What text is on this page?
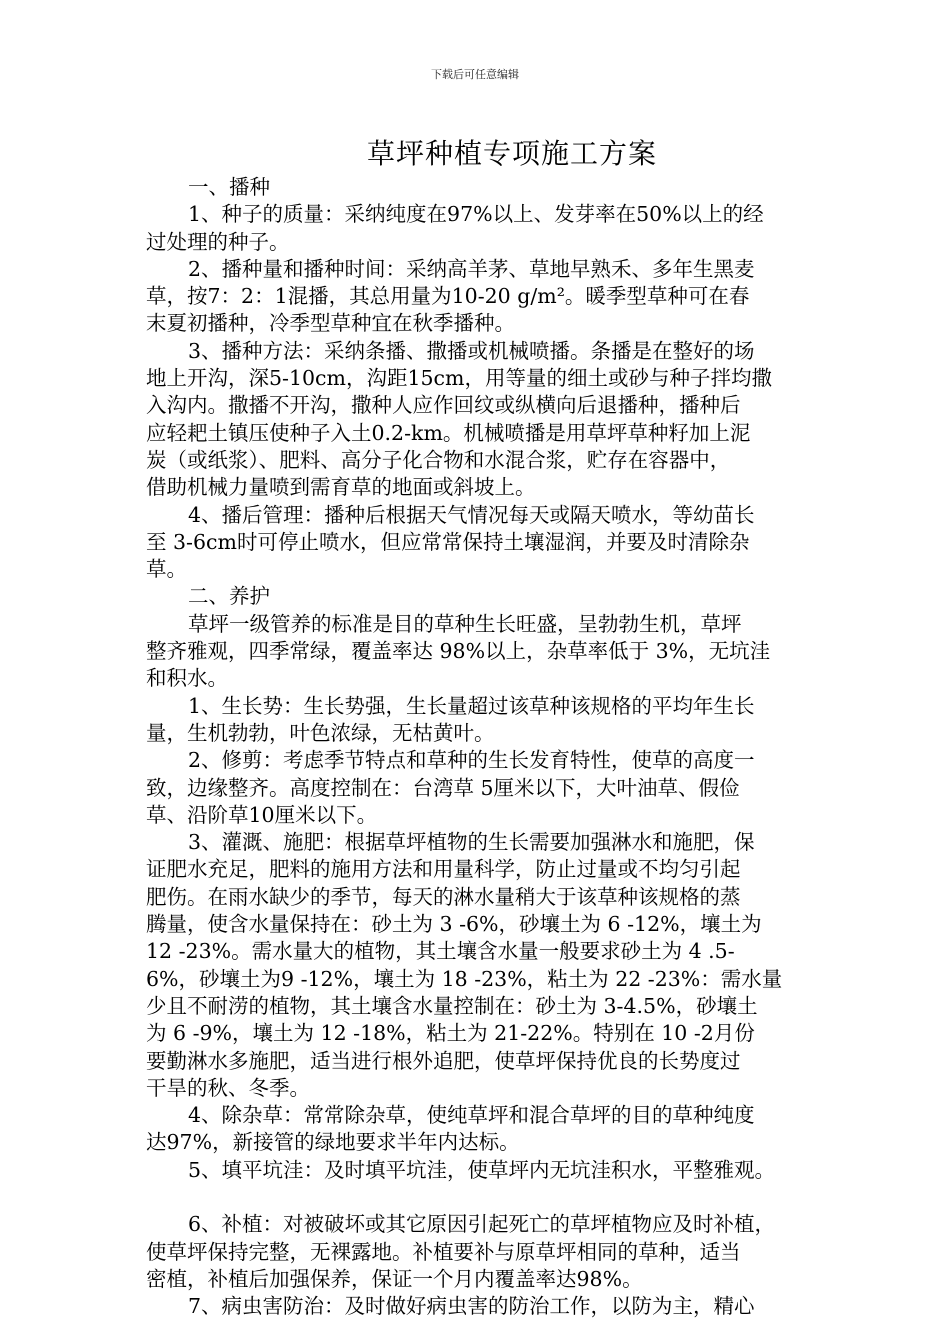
下载后可任意编辑
草坪种植专项施工方案
一、播种
1、种子的质量：采纳纯度在97%以上、发芽率在50%以上的经
过处理的种子。
2、播种量和播种时间：采纳高羊茅、草地早熟禾、多年生黑麦
草，按7：2：1混播，其总用量为10-20 g/m²。暖季型草种可在春
末夏初播种，冷季型草种宜在秋季播种。
3、播种方法：采纳条播、撒播或机械喷播。条播是在整好的场
地上开沟，深5-10cm，沟距15cm，用等量的细土或砂与种子拌均撒
入沟内。撒播不开沟，撒种人应作回纹或纵横向后退播种，播种后
应轻耙土镇压使种子入土0.2-km。机械喷播是用草坪草种籽加上泥
炭（或纸浆）、肥料、高分子化合物和水混合浆，贮存在容器中，
借助机械力量喷到需育草的地面或斜坡上。
4、播后管理：播种后根据天气情况每天或隔天喷水，等幼苗长
至 3-6cm时可停止喷水，但应常常保持土壤湿润，并要及时清除杂
草。
二、养护
草坪一级管养的标准是目的草种生长旺盛，呈勃勃生机，草坪
整齐雅观，四季常绿，覆盖率达 98%以上，杂草率低于 3%，无坑洼
和积水。
1、生长势：生长势强，生长量超过该草种该规格的平均年生长
量，生机勃勃，叶色浓绿，无枯黄叶。
2、修剪：考虑季节特点和草种的生长发育特性，使草的高度一
致，边缘整齐。高度控制在：台湾草 5厘米以下，大叶油草、假俭
草、沿阶草10厘米以下。
3、灌溉、施肥：根据草坪植物的生长需要加强淋水和施肥，保
证肥水充足，肥料的施用方法和用量科学，防止过量或不均匀引起
肥伤。在雨水缺少的季节，每天的淋水量稍大于该草种该规格的蒸
腾量，使含水量保持在：砂土为 3 -6%，砂壤土为 6 -12%，壤土为
12 -23%。需水量大的植物，其土壤含水量一般要求砂土为 4 .5-
6%，砂壤土为9 -12%，壤土为 18 -23%，粘土为 22 -23%：需水量
少且不耐涝的植物，其土壤含水量控制在：砂土为 3-4.5%，砂壤土
为 6 -9%，壤土为 12 -18%，粘土为 21-22%。特别在 10 -2月份
要勤淋水多施肥，适当进行根外追肥，使草坪保持优良的长势度过
干旱的秋、冬季。
4、除杂草：常常除杂草，使纯草坪和混合草坪的目的草种纯度
达97%，新接管的绿地要求半年内达标。
5、填平坑洼：及时填平坑洼，使草坪内无坑洼积水，平整雅观。
6、补植：对被破坏或其它原因引起死亡的草坪植物应及时补植，
使草坪保持完整，无裸露地。补植要补与原草坪相同的草种，适当
密植，补植后加强保养，保证一个月内覆盖率达98%。
7、病虫害防治：及时做好病虫害的防治工作，以防为主，精心
